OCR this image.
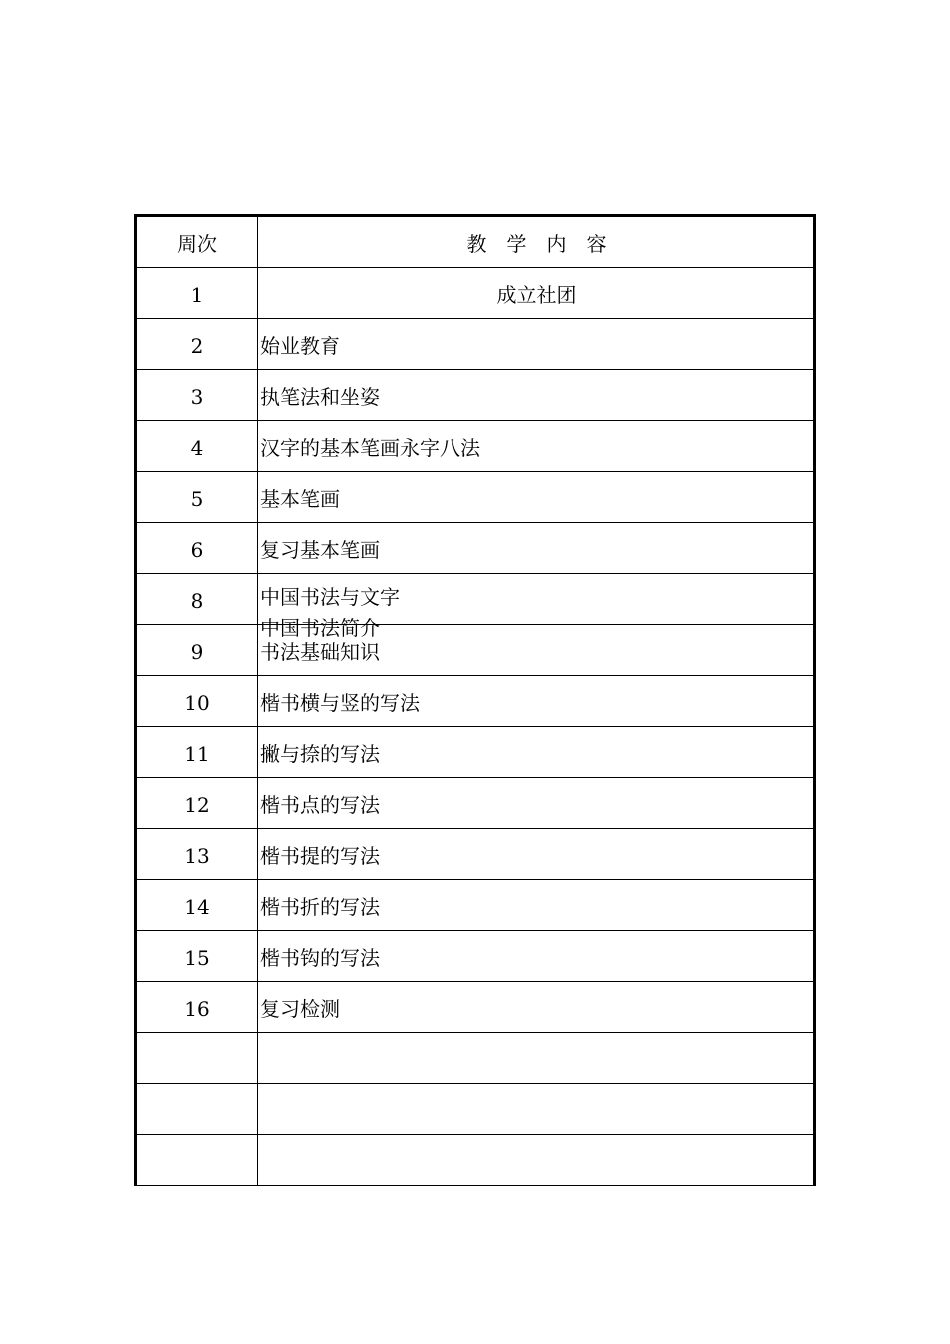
周次	教　学　内　容
1	成立社团
2	始业教育
3	执笔法和坐姿
4	汉字的基本笔画永字八法
5	基本笔画
6	复习基本笔画
8	中国书法与文字
中国书法简介

9	书法基础知识
10	楷书横与竖的写法
11	撇与捺的写法
12	楷书点的写法
13	楷书提的写法
14	楷书折的写法
15	楷书钩的写法
16	复习检测
